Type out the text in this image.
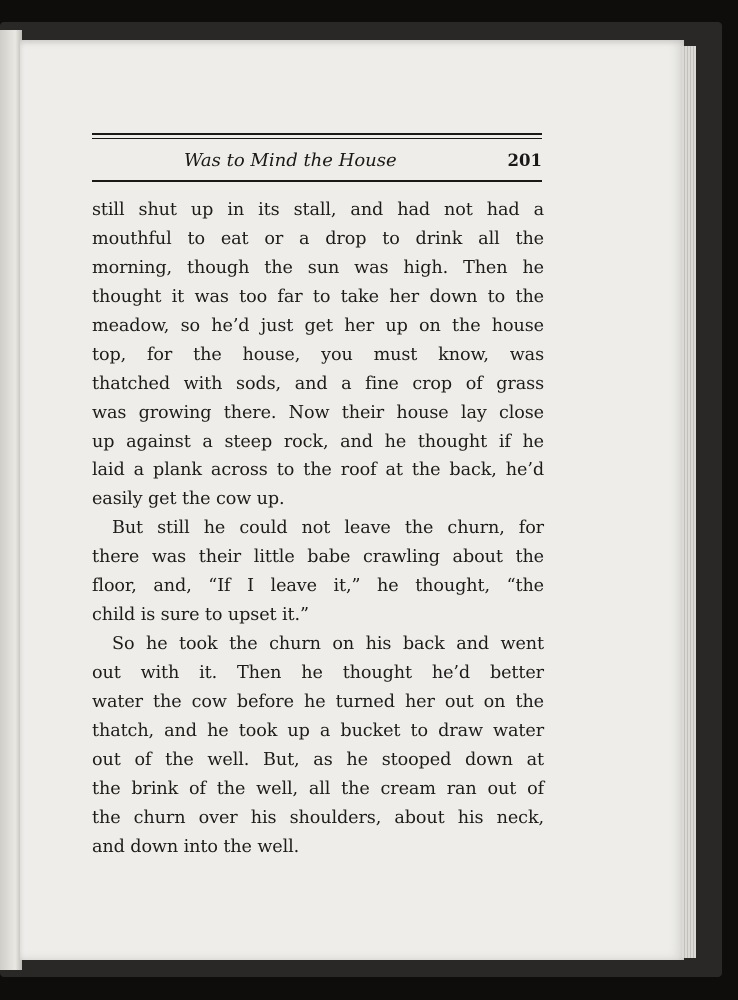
Was to Mind the House	201
still shut up in its stall, and had not had a
mouthful to eat or a drop to drink all the
morning, though the sun was high. Then he
thought it was too far to take her down to the
meadow, so he’d just get her up on the house
top, for the house, you must know, was
thatched with sods, and a fine crop of grass
was growing there. Now their house lay close
up against a steep rock, and he thought if he
laid a plank across to the roof at the back, he’d
easily get the cow up.
But still he could not leave the churn, for
there was their little babe crawling about the
floor, and, “If I leave it,” he thought, “the
child is sure to upset it.”
So he took the churn on his back and went
out with it. Then he thought he’d better
water the cow before he turned her out on the
thatch, and he took up a bucket to draw water
out of the well. But, as he stooped down at
the brink of the well, all the cream ran out of
the churn over his shoulders, about his neck,
and down into the well.
